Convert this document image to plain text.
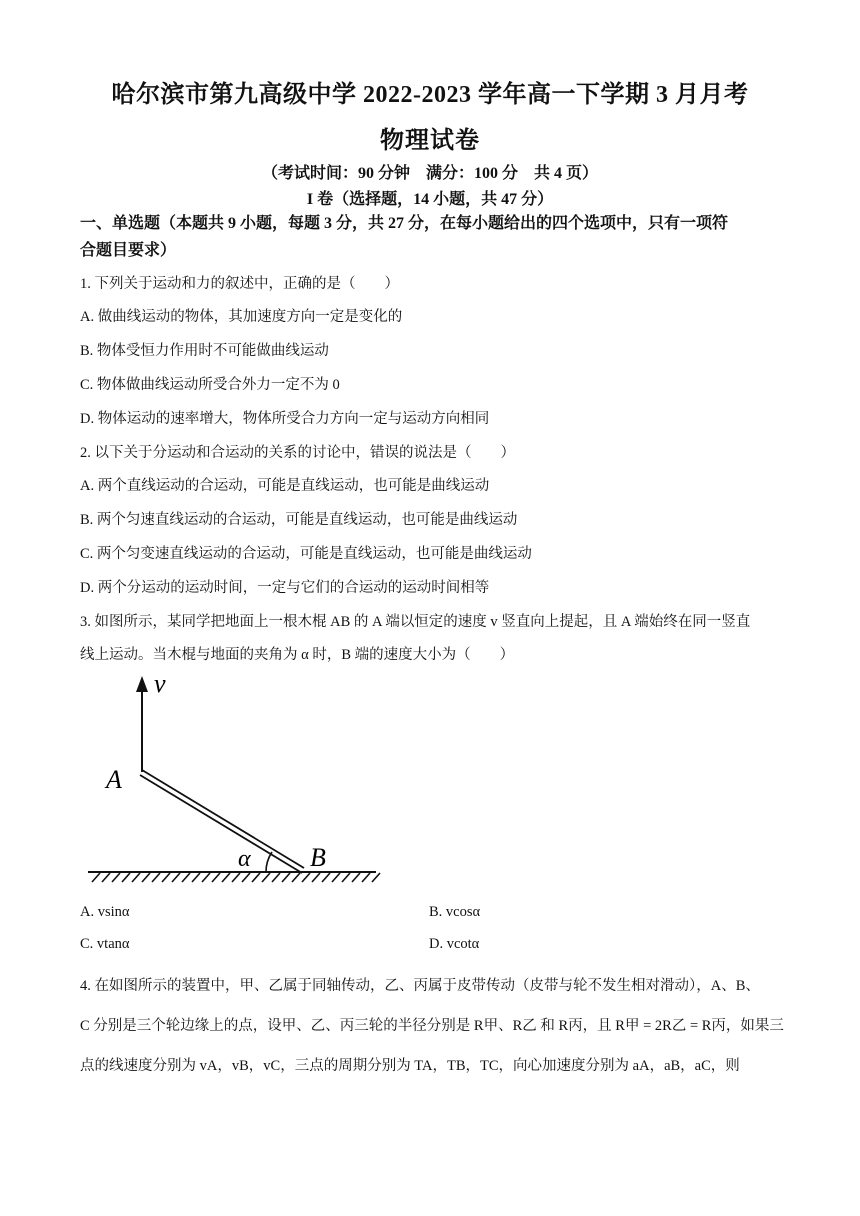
哈尔滨市第九高级中学 2022-2023 学年高一下学期 3 月月考
物理试卷
（考试时间：90 分钟　满分：100 分　共 4 页）
I 卷（选择题，14 小题，共 47 分）
一、单选题（本题共 9 小题，每题 3 分，共 27 分，在每小题给出的四个选项中，只有一项符
合题目要求）
1. 下列关于运动和力的叙述中，正确的是（　　）
A. 做曲线运动的物体，其加速度方向一定是变化的
B. 物体受恒力作用时不可能做曲线运动
C. 物体做曲线运动所受合外力一定不为 0
D. 物体运动的速率增大，物体所受合力方向一定与运动方向相同
2. 以下关于分运动和合运动的关系的讨论中，错误的说法是（　　）
A. 两个直线运动的合运动，可能是直线运动，也可能是曲线运动
B. 两个匀速直线运动的合运动，可能是直线运动，也可能是曲线运动
C. 两个匀变速直线运动的合运动，可能是直线运动，也可能是曲线运动
D. 两个分运动的运动时间，一定与它们的合运动的运动时间相等
3. 如图所示，某同学把地面上一根木棍 AB 的 A 端以恒定的速度 v 竖直向上提起，且 A 端始终在同一竖直
线上运动。当木棍与地面的夹角为 α 时，B 端的速度大小为（　　）
v
A
B
α
A. vsinα	B. vcosα
C. vtanα	D. vcotα
4. 在如图所示的装置中，甲、乙属于同轴传动，乙、丙属于皮带传动（皮带与轮不发生相对滑动），A、B、
C 分别是三个轮边缘上的点，设甲、乙、丙三轮的半径分别是 R甲、R乙 和 R丙，且 R甲 = 2R乙 = R丙，如果三
点的线速度分别为 vA，vB，vC，三点的周期分别为 TA，TB，TC，向心加速度分别为 aA，aB，aC，则
